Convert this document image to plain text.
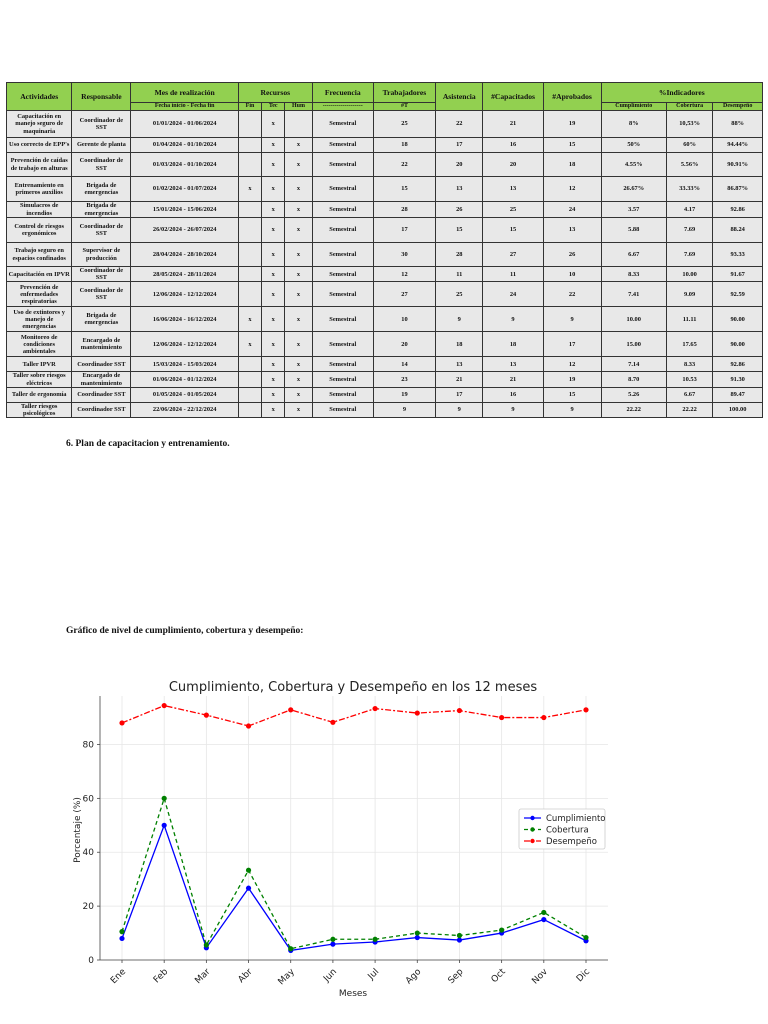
Actividades	Responsable	Mes de realización	Recursos			Frecuencia	Trabajadores	Asistencia	#Capacitados	#Aprobados	%Indicadores		
		Fecha inicio - Fecha fin	Fin	Tec	Hum	--------------------	#T				Cumplimiento	Cobertura	Desempeño
Capacitación en manejo seguro de maquinaria	Coordinador de SST	01/01/2024 - 01/06/2024		x		Semestral	25	22	21	19	8%	10,53%	88%
Uso correcto de EPP's	Gerente de planta	01/04/2024 - 01/10/2024		x	x	Semestral	18	17	16	15	50%	60%	94.44%
Prevención de caídas de trabajo en alturas	Coordinador de SST	01/03/2024 - 01/10/2024		x	x	Semestral	22	20	20	18	4.55%	5.56%	90.91%
Entrenamiento en primeros auxilios	Brigada de emergencias	01/02/2024 - 01/07/2024	x	x	x	Semestral	15	13	13	12	26.67%	33.33%	86.87%
Simulacros de incendios	Brigada de emergencias	15/01/2024 - 15/06/2024		x	x	Semestral	28	26	25	24	3.57	4.17	92.86
Control de riesgos ergonómicos	Coordinador de SST	26/02/2024 - 26/07/2024		x	x	Semestral	17	15	15	13	5.88	7.69	88.24
Trabajo seguro en espacios confinados	Supervisor de producción	28/04/2024 - 28/10/2024		x	x	Semestral	30	28	27	26	6.67	7.69	93.33
Capacitación en IPVR	Coordinador de SST	28/05/2024 - 28/11/2024		x	x	Semestral	12	11	11	10	8.33	10.00	91.67
Prevención de enfermedades respiratorias	Coordinador de SST	12/06/2024 - 12/12/2024		x	x	Semestral	27	25	24	22	7.41	9.09	92.59
Uso de extintores y manejo de emergencias	Brigada de emergencias	16/06/2024 - 16/12/2024	x	x	x	Semestral	10	9	9	9	10.00	11.11	90.00
Monitoreo de condiciones ambientales	Encargado de mantenimiento	12/06/2024 - 12/12/2024	x	x	x	Semestral	20	18	18	17	15.00	17.65	90.00
Taller IPVR	Coordinador SST	15/03/2024 - 15/03/2024		x	x	Semestral	14	13	13	12	7.14	8.33	92.86
Taller sobre riesgos eléctricos	Encargado de mantenimiento	01/06/2024 - 01/12/2024		x	x	Semestral	23	21	21	19	8.70	10.53	91.30
Taller de ergonomía	Coordinador SST	01/05/2024 - 01/05/2024		x	x	Semestral	19	17	16	15	5.26	6.67	89.47
Taller riesgos psicológicos	Coordinador SST	22/06/2024 - 22/12/2024		x	x	Semestral	9	9	9	9	22.22	22.22	100.00
6. Plan de capacitacion y entrenamiento.
Gráfico de nivel de cumplimiento, cobertura y desempeño:
Cumplimiento, Cobertura y Desempeño en los 12 meses
0
20
40
60
80
Ene	Feb	Mar	Abr May	Jun	Jul	Ago	Sep	Oct	Nov	Dic
Cumplimiento
Cobertura
Desempeño
Meses
Porcentaje (%)
